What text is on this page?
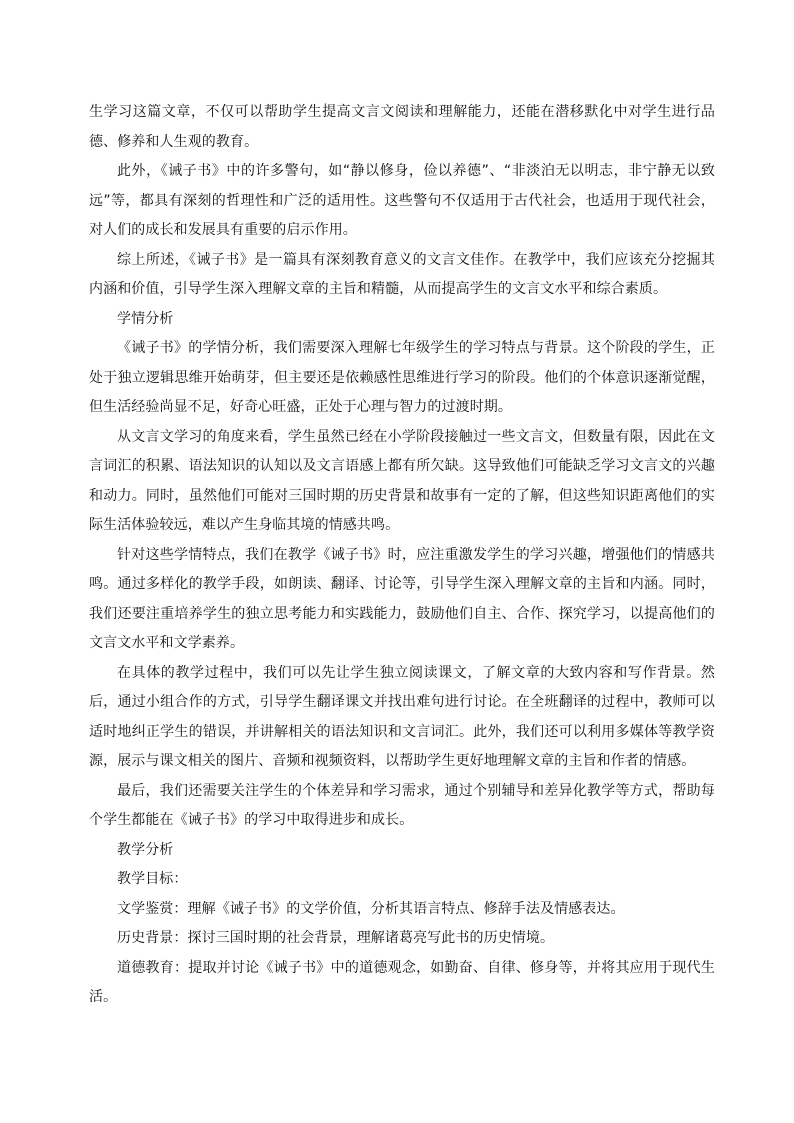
生学习这篇文章，不仅可以帮助学生提高文言文阅读和理解能力，还能在潜移默化中对学生进行品德、修养和人生观的教育。

此外，《诫子书》中的许多警句，如“静以修身，俭以养德”、“非淡泊无以明志，非宁静无以致远”等，都具有深刻的哲理性和广泛的适用性。这些警句不仅适用于古代社会，也适用于现代社会，对人们的成长和发展具有重要的启示作用。

综上所述，《诫子书》是一篇具有深刻教育意义的文言文佳作。在教学中，我们应该充分挖掘其内涵和价值，引导学生深入理解文章的主旨和精髓，从而提高学生的文言文水平和综合素质。

学情分析

《诫子书》的学情分析，我们需要深入理解七年级学生的学习特点与背景。这个阶段的学生，正处于独立逻辑思维开始萌芽，但主要还是依赖感性思维进行学习的阶段。他们的个体意识逐渐觉醒，但生活经验尚显不足，好奇心旺盛，正处于心理与智力的过渡时期。

从文言文学习的角度来看，学生虽然已经在小学阶段接触过一些文言文，但数量有限，因此在文言词汇的积累、语法知识的认知以及文言语感上都有所欠缺。这导致他们可能缺乏学习文言文的兴趣和动力。同时，虽然他们可能对三国时期的历史背景和故事有一定的了解，但这些知识距离他们的实际生活体验较远，难以产生身临其境的情感共鸣。

针对这些学情特点，我们在教学《诫子书》时，应注重激发学生的学习兴趣，增强他们的情感共鸣。通过多样化的教学手段，如朗读、翻译、讨论等，引导学生深入理解文章的主旨和内涵。同时，我们还要注重培养学生的独立思考能力和实践能力，鼓励他们自主、合作、探究学习，以提高他们的文言文水平和文学素养。

在具体的教学过程中，我们可以先让学生独立阅读课文，了解文章的大致内容和写作背景。然后，通过小组合作的方式，引导学生翻译课文并找出难句进行讨论。在全班翻译的过程中，教师可以适时地纠正学生的错误，并讲解相关的语法知识和文言词汇。此外，我们还可以利用多媒体等教学资源，展示与课文相关的图片、音频和视频资料，以帮助学生更好地理解文章的主旨和作者的情感。

最后，我们还需要关注学生的个体差异和学习需求，通过个别辅导和差异化教学等方式，帮助每个学生都能在《诫子书》的学习中取得进步和成长。

教学分析

教学目标：

文学鉴赏：理解《诫子书》的文学价值，分析其语言特点、修辞手法及情感表达。

历史背景：探讨三国时期的社会背景，理解诸葛亮写此书的历史情境。

道德教育：提取并讨论《诫子书》中的道德观念，如勤奋、自律、修身等，并将其应用于现代生活。
